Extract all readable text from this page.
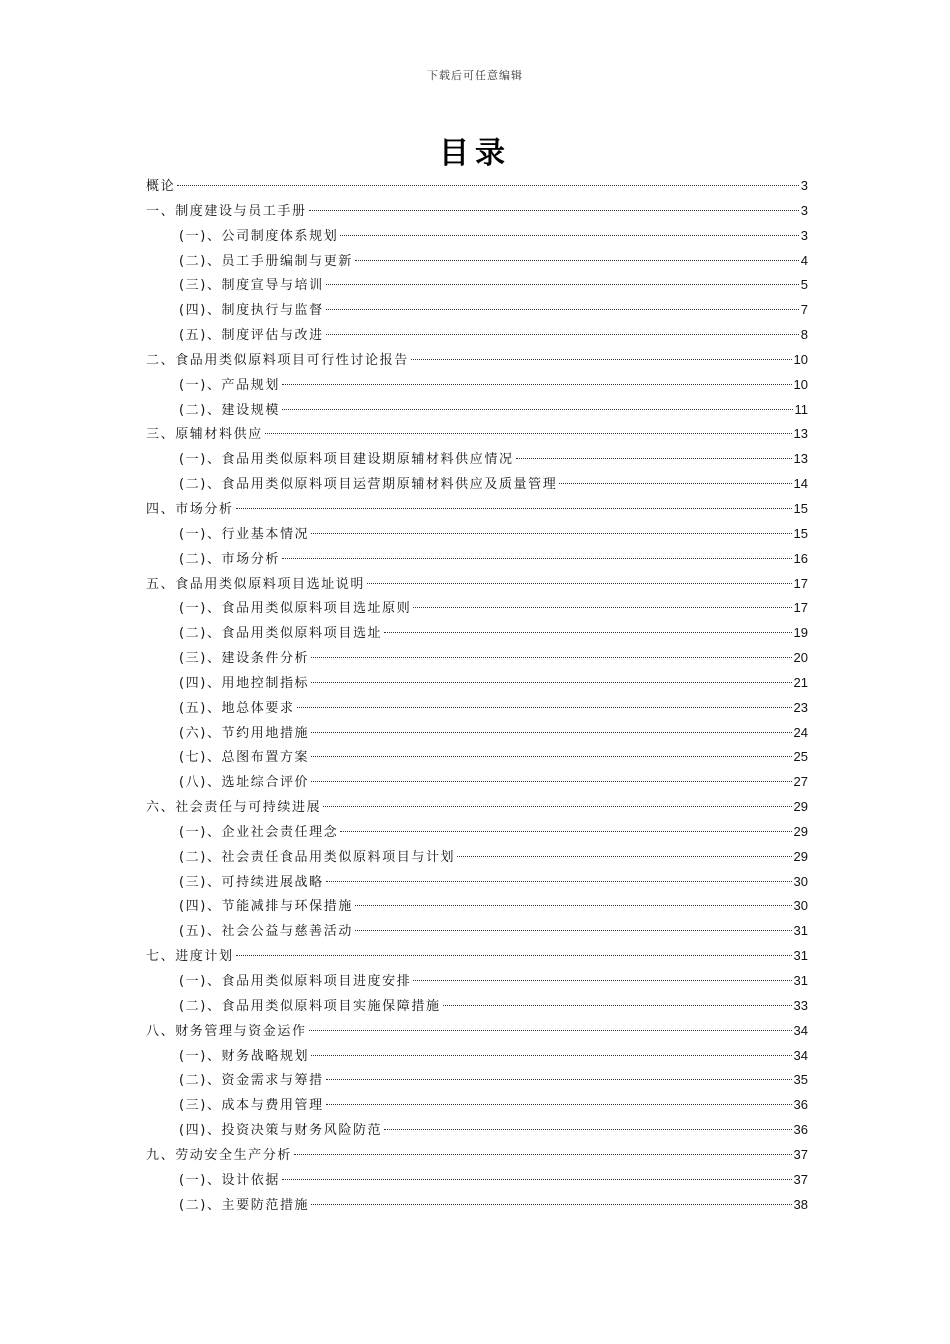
下载后可任意编辑
目录
概论	3
一、制度建设与员工手册	3
(一)、公司制度体系规划	3
(二)、员工手册编制与更新	4
(三)、制度宣导与培训	5
(四)、制度执行与监督	7
(五)、制度评估与改进	8
二、食品用类似原料项目可行性讨论报告	10
(一)、产品规划	10
(二)、建设规模	11
三、原辅材料供应	13
(一)、食品用类似原料项目建设期原辅材料供应情况	13
(二)、食品用类似原料项目运营期原辅材料供应及质量管理	14
四、市场分析	15
(一)、行业基本情况	15
(二)、市场分析	16
五、食品用类似原料项目选址说明	17
(一)、食品用类似原料项目选址原则	17
(二)、食品用类似原料项目选址	19
(三)、建设条件分析	20
(四)、用地控制指标	21
(五)、地总体要求	23
(六)、节约用地措施	24
(七)、总图布置方案	25
(八)、选址综合评价	27
六、社会责任与可持续进展	29
(一)、企业社会责任理念	29
(二)、社会责任食品用类似原料项目与计划	29
(三)、可持续进展战略	30
(四)、节能减排与环保措施	30
(五)、社会公益与慈善活动	31
七、进度计划	31
(一)、食品用类似原料项目进度安排	31
(二)、食品用类似原料项目实施保障措施	33
八、财务管理与资金运作	34
(一)、财务战略规划	34
(二)、资金需求与筹措	35
(三)、成本与费用管理	36
(四)、投资决策与财务风险防范	36
九、劳动安全生产分析	37
(一)、设计依据	37
(二)、主要防范措施	38
